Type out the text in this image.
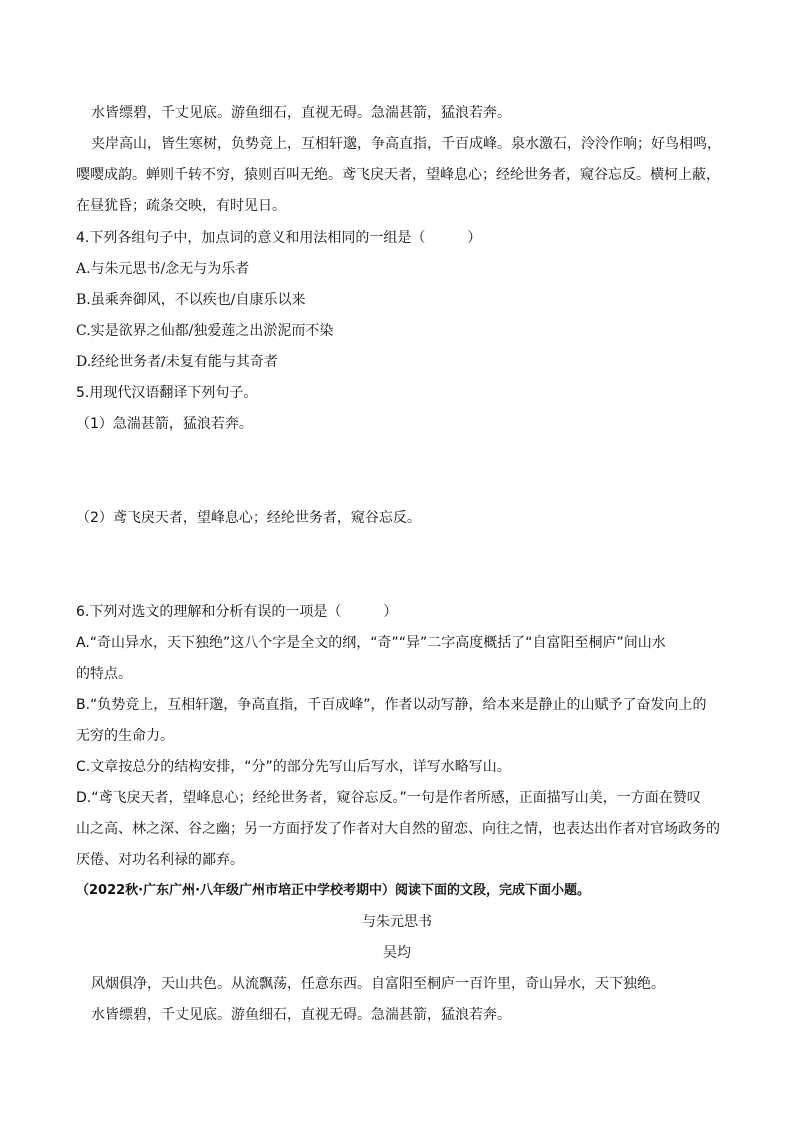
水皆缥碧，千丈见底。游鱼细石，直视无碍。急湍甚箭，猛浪若奔。
夹岸高山，皆生寒树，负势竞上，互相轩邈，争高直指，千百成峰。泉水激石，泠泠作响；好鸟相鸣，
嘤嘤成韵。蝉则千转不穷，猿则百叫无绝。鸢飞戾天者，望峰息心；经纶世务者，窥谷忘反。横柯上蔽，
在昼犹昏；疏条交映，有时见日。
4.下列各组句子中，加点词的意义和用法相同的一组是（　　　）
A.与朱元思书/念无与为乐者
B.虽乘奔御风，不以疾也/自康乐以来
C.实是欲界之仙都/独爱莲之出淤泥而不染
D.经纶世务者/未复有能与其奇者
5.用现代汉语翻译下列句子。
（1）急湍甚箭，猛浪若奔。
（2）鸢飞戾天者，望峰息心；经纶世务者，窥谷忘反。
6.下列对选文的理解和分析有误的一项是（　　　）
A.“奇山异水，天下独绝”这八个字是全文的纲，“奇”“异”二字高度概括了“自富阳至桐庐”间山水
的特点。
B.“负势竞上，互相轩邈，争高直指，千百成峰”，作者以动写静，给本来是静止的山赋予了奋发向上的
无穷的生命力。
C.文章按总分的结构安排，“分”的部分先写山后写水，详写水略写山。
D.“鸢飞戾天者，望峰息心；经纶世务者，窥谷忘反。”一句是作者所感，正面描写山美，一方面在赞叹
山之高、林之深、谷之幽；另一方面抒发了作者对大自然的留恋、向往之情，也表达出作者对官场政务的
厌倦、对功名利禄的鄙弃。
（2022秋·广东广州·八年级广州市培正中学校考期中）阅读下面的文段，完成下面小题。
与朱元思书
吴均
风烟俱净，天山共色。从流飘荡，任意东西。自富阳至桐庐一百许里，奇山异水，天下独绝。
水皆缥碧，千丈见底。游鱼细石，直视无碍。急湍甚箭，猛浪若奔。
